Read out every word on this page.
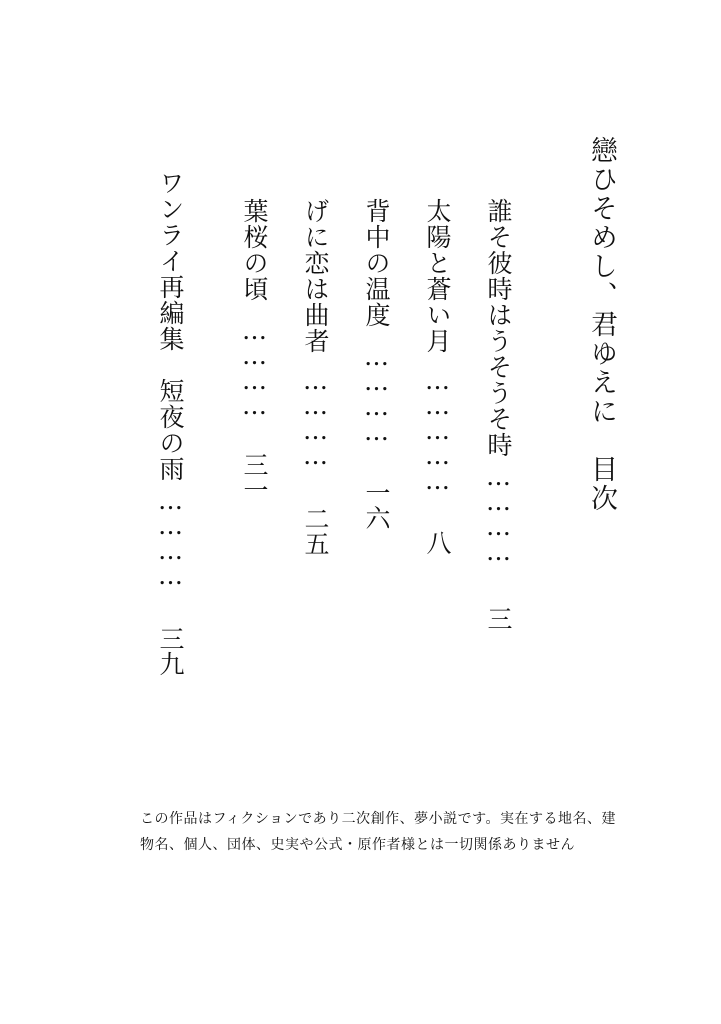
戀ひそめし、君ゆえに　目次
誰そ彼時はうそうそ時
…………
三
太陽と蒼い月
……………
八
背中の温度
…………
一六
げに恋は曲者
…………
二五
葉桜の頃
…………
三一
ワンライ再編集　短夜の雨
…………
三九
この作品はフィクションであり二次創作、夢小説です。実在する地名、建物名、個人、団体、史実や公式・原作者様とは一切関係ありません
